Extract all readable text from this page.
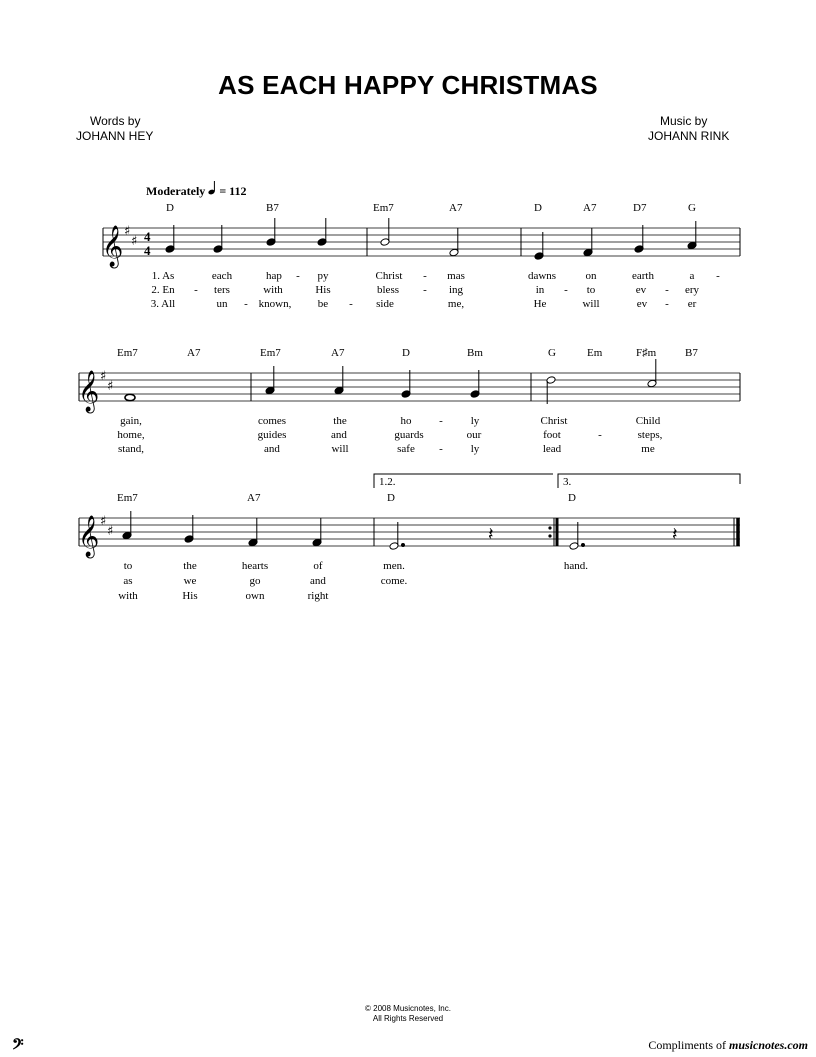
AS EACH HAPPY CHRISTMAS
Words by
JOHANN HEY
Music by
JOHANN RINK
Moderately = 112
D	B7	Em7	A7	D	A7	D7	G
Em7	A7	Em7	A7	D	Bm	G	Em	F♯m	B7
Em7	A7	D	D
1.2.	3.
𝄞
𝄞
𝄞
♯
♯
♯
♯
♯
♯
4
4
𝄽	𝄽
1. As	each	hap - py	Christ - mas	dawns	on	earth	a -
2. En - ters	with	His	bless - ing	in - to	ev - ery
3. All	un - known, be - side	me,	He	will	ev - er
gain,	comes	the	ho	-	ly	Christ	Child
home,	guides	and	guards	our	foot	-	steps,
stand,	and	will	safe -	ly	lead	me
to	the	hearts	of	men.	hand.
as	we	go	and	come.
with	His	own	right
© 2008 Musicnotes, Inc.
All Rights Reserved
𝄢	Compliments of musicnotes.com
